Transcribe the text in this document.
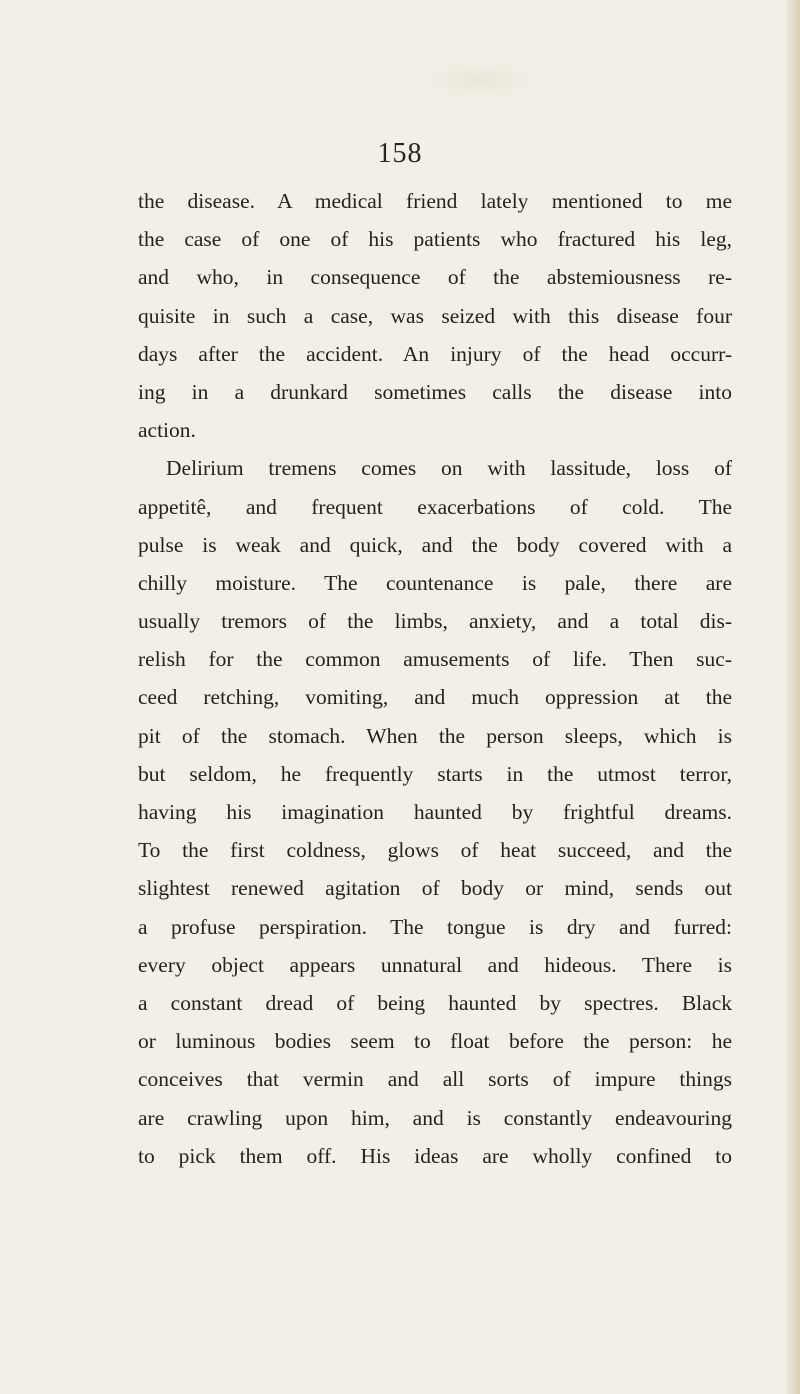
158
the disease. A medical friend lately mentioned to me
the case of one of his patients who fractured his leg,
and who, in consequence of the abstemiousness re-
quisite in such a case, was seized with this disease four
days after the accident. An injury of the head occurr-
ing in a drunkard sometimes calls the disease into
action.
Delirium tremens comes on with lassitude, loss of
appetitê, and frequent exacerbations of cold. The
pulse is weak and quick, and the body covered with a
chilly moisture. The countenance is pale, there are
usually tremors of the limbs, anxiety, and a total dis-
relish for the common amusements of life. Then suc-
ceed retching, vomiting, and much oppression at the
pit of the stomach. When the person sleeps, which is
but seldom, he frequently starts in the utmost terror,
having his imagination haunted by frightful dreams.
To the first coldness, glows of heat succeed, and the
slightest renewed agitation of body or mind, sends out
a profuse perspiration. The tongue is dry and furred:
every object appears unnatural and hideous. There is
a constant dread of being haunted by spectres. Black
or luminous bodies seem to float before the person: he
conceives that vermin and all sorts of impure things
are crawling upon him, and is constantly endeavouring
to pick them off. His ideas are wholly confined to
